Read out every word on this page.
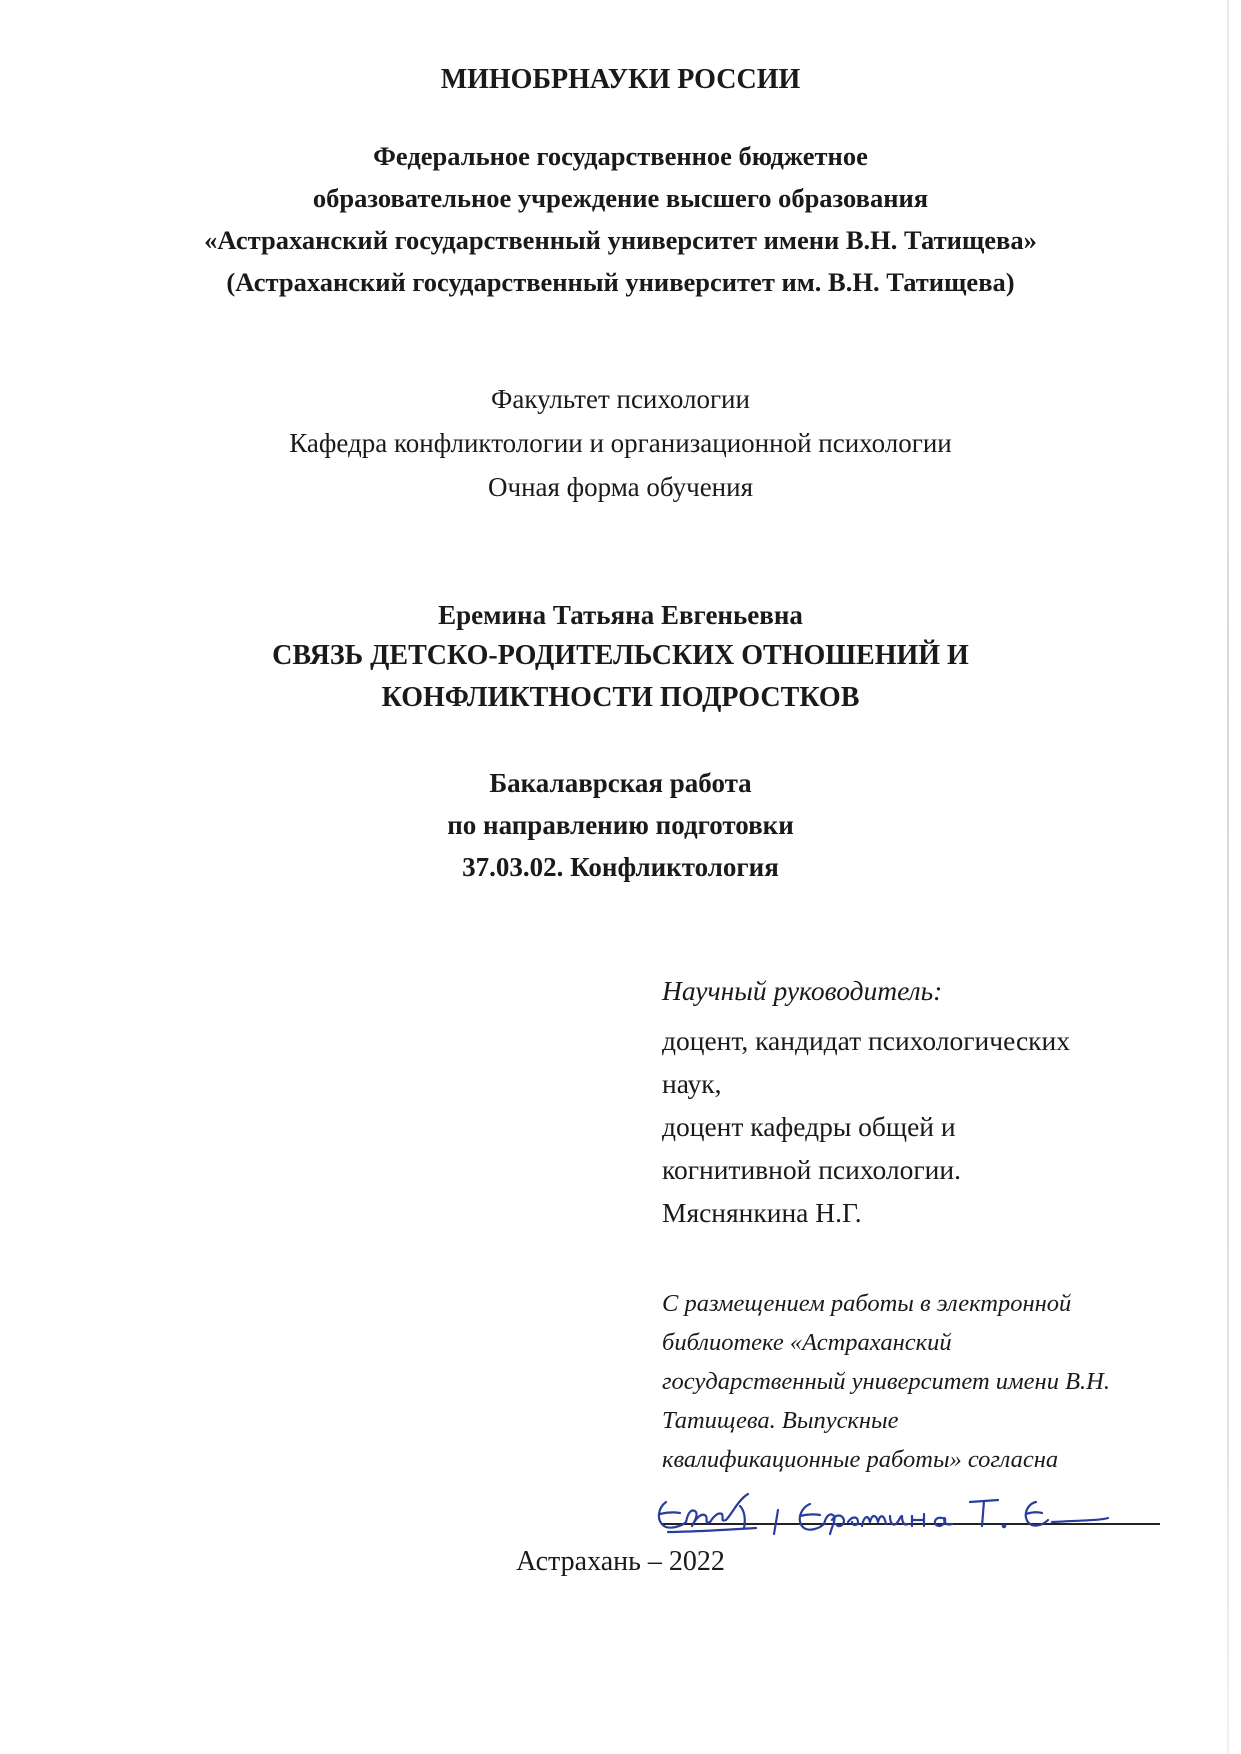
МИНОБРНАУКИ РОССИИ
Федеральное государственное бюджетное
образовательное учреждение высшего образования
«Астраханский государственный университет имени В.Н. Татищева»
(Астраханский государственный университет им. В.Н. Татищева)
Факультет психологии
Кафедра конфликтологии и организационной психологии
Очная форма обучения
Еремина Татьяна Евгеньевна
СВЯЗЬ ДЕТСКО-РОДИТЕЛЬСКИХ ОТНОШЕНИЙ И
КОНФЛИКТНОСТИ ПОДРОСТКОВ
Бакалаврская работа
по направлению подготовки
37.03.02. Конфликтология
Научный руководитель:
доцент, кандидат психологических
наук,
доцент кафедры общей и
когнитивной психологии.
Мяснянкина Н.Г.
С размещением работы в электронной
библиотеке «Астраханский
государственный университет имени В.Н.
Татищева. Выпускные
квалификационные работы» согласна
Астрахань – 2022
